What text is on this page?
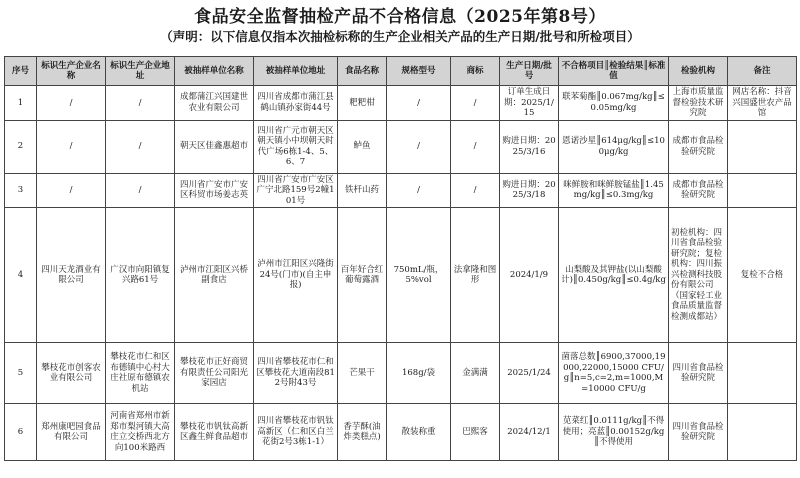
食品安全监督抽检产品不合格信息（2025年第8号）
（声明：以下信息仅指本次抽检标称的生产企业相关产品的生产日期/批号和所检项目）
序号	标识生产企业名称	标识生产企业地址	被抽样单位名称	被抽样单位地址	食品名称	规格型号	商标	生产日期/批号	不合格项目║检验结果║标准值	检验机构	备注
1	/	/	成都蒲江兴国建世农业有限公司	四川省成都市蒲江县鹤山镇孙家街44号	粑粑柑	/	/	订单生成日期：2025/1/15	联苯菊酯║0.067mg/kg║≤0.05mg/kg	上海市质量监督检验技术研究院	网店名称：抖音兴国盛世农产品馆
2	/	/	朝天区佳鑫惠超市	四川省广元市朝天区朝天镇小中坝朝天时代广场6栋1-4、5、6、7	鲈鱼	/	/	购进日期：2025/3/16	恩诺沙星║614μg/kg║≤100μg/kg	成都市食品检验研究院	
3	/	/	四川省广安市广安区科贸市场姜志英	四川省广安市广安区广宁北路159号2幢101号	铁杆山药	/	/	购进日期：2025/3/18	咪鲜胺和咪鲜胺锰盐║1.45mg/kg║≤0.3mg/kg	成都市食品检验研究院	
4	四川天龙酒业有限公司	广汉市向阳镇复兴路61号	泸州市江阳区兴桥副食店	泸州市江阳区兴隆街24号(门市)(自主申报)	百年好合红葡萄露酒	750mL/瓶，5%vol	法拿隆和图形	2024/1/9	山梨酸及其钾盐(以山梨酸计)║0.450g/kg║≤0.4g/kg	初检机构：四川省食品检验研究院；复检机构：四川振兴检测科技股份有限公司（国家轻工业食品质量监督检测成都站）	复检不合格
5	攀枝花市创客农业有限公司	攀枝花市仁和区布德镇中心村大庄社原布德镇农机站	攀枝花市正好商贸有限责任公司阳光家园店	四川省攀枝花市仁和区攀枝花大道南段812号附43号	芒果干	168g/袋	金满满	2025/1/24	菌落总数║6900,37000,19000,22000,15000 CFU/g║n=5,c=2,m=1000,M=10000 CFU/g	四川省食品检验研究院	
6	郑州康吧园食品有限公司	河南省郑州市新郑市梨河镇大高庄立交桥西北方向100米路西	攀枝花市钒钛高新区鑫生鲜食品超市	四川省攀枝花市钒钛高新区（仁和区白兰花街2号3栋1-1）	香芋酥(油炸类糕点)	散装称重	巴熙客	2024/12/1	苋菜红║0.0111g/kg║不得使用；亮蓝║0.00152g/kg║不得使用	四川省食品检验研究院	
